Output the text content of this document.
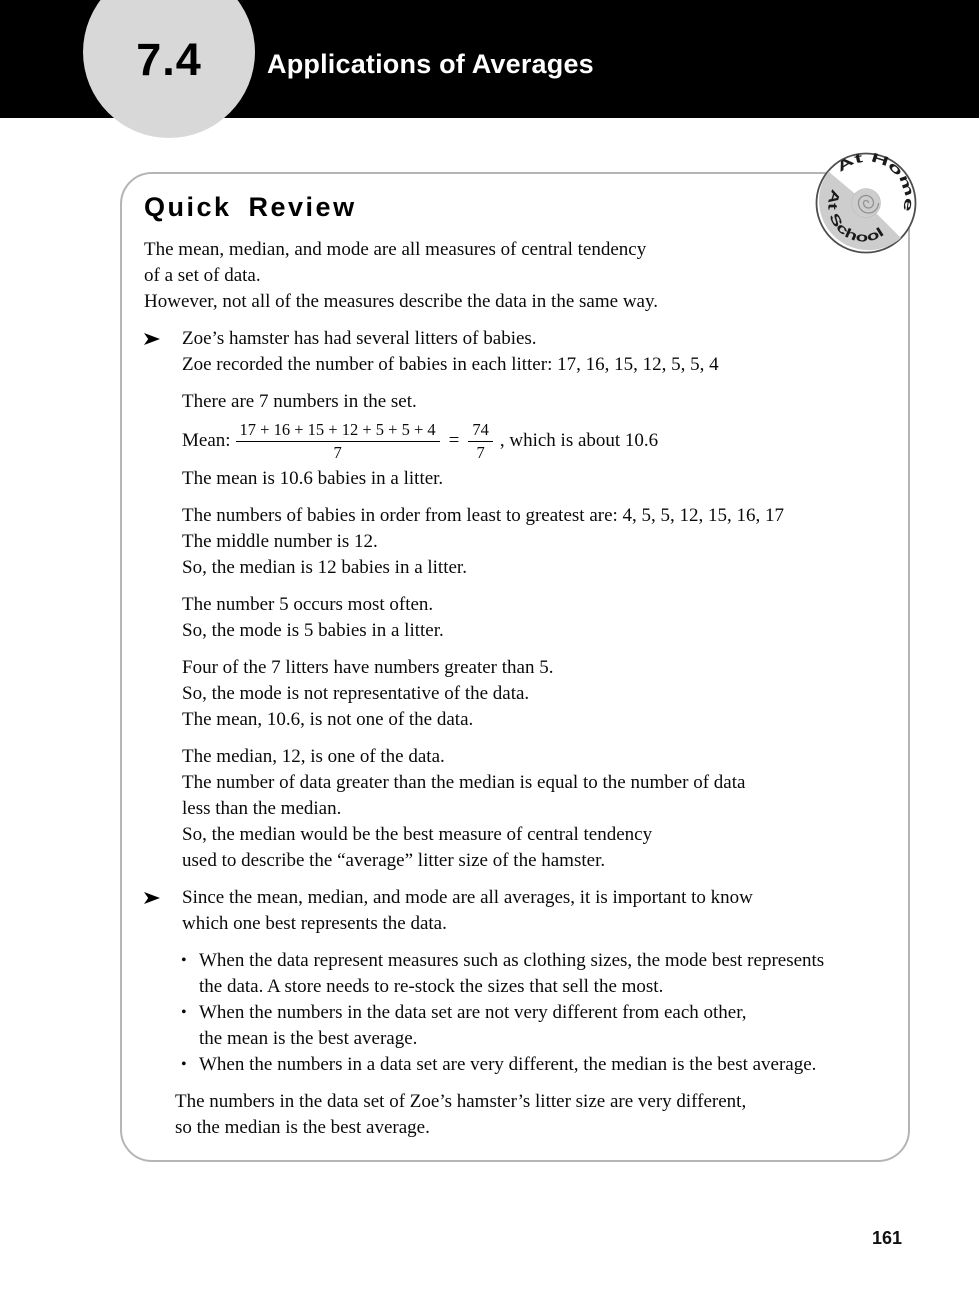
7.4 Applications of Averages
Quick Review
The mean, median, and mode are all measures of central tendency
of a set of data.
However, not all of the measures describe the data in the same way.
Zoe’s hamster has had several litters of babies.
Zoe recorded the number of babies in each litter: 17, 16, 15, 12, 5, 5, 4
There are 7 numbers in the set.
Mean: $\frac{17 + 16 + 15 + 12 + 5 + 5 + 4}{7} = \frac{74}{7}$ , which is about 10.6
The mean is 10.6 babies in a litter.
The numbers of babies in order from least to greatest are: 4, 5, 5, 12, 15, 16, 17
The middle number is 12.
So, the median is 12 babies in a litter.
The number 5 occurs most often.
So, the mode is 5 babies in a litter.
Four of the 7 litters have numbers greater than 5.
So, the mode is not representative of the data.
The mean, 10.6, is not one of the data.
The median, 12, is one of the data.
The number of data greater than the median is equal to the number of data
less than the median.
So, the median would be the best measure of central tendency
used to describe the “average” litter size of the hamster.
Since the mean, median, and mode are all averages, it is important to know
which one best represents the data.
• When the data represent measures such as clothing sizes, the mode best represents
the data. A store needs to re-stock the sizes that sell the most.
• When the numbers in the data set are not very different from each other,
the mean is the best average.
• When the numbers in a data set are very different, the median is the best average.
The numbers in the data set of Zoe’s hamster’s litter size are very different,
so the median is the best average.
At Home
At School
161
